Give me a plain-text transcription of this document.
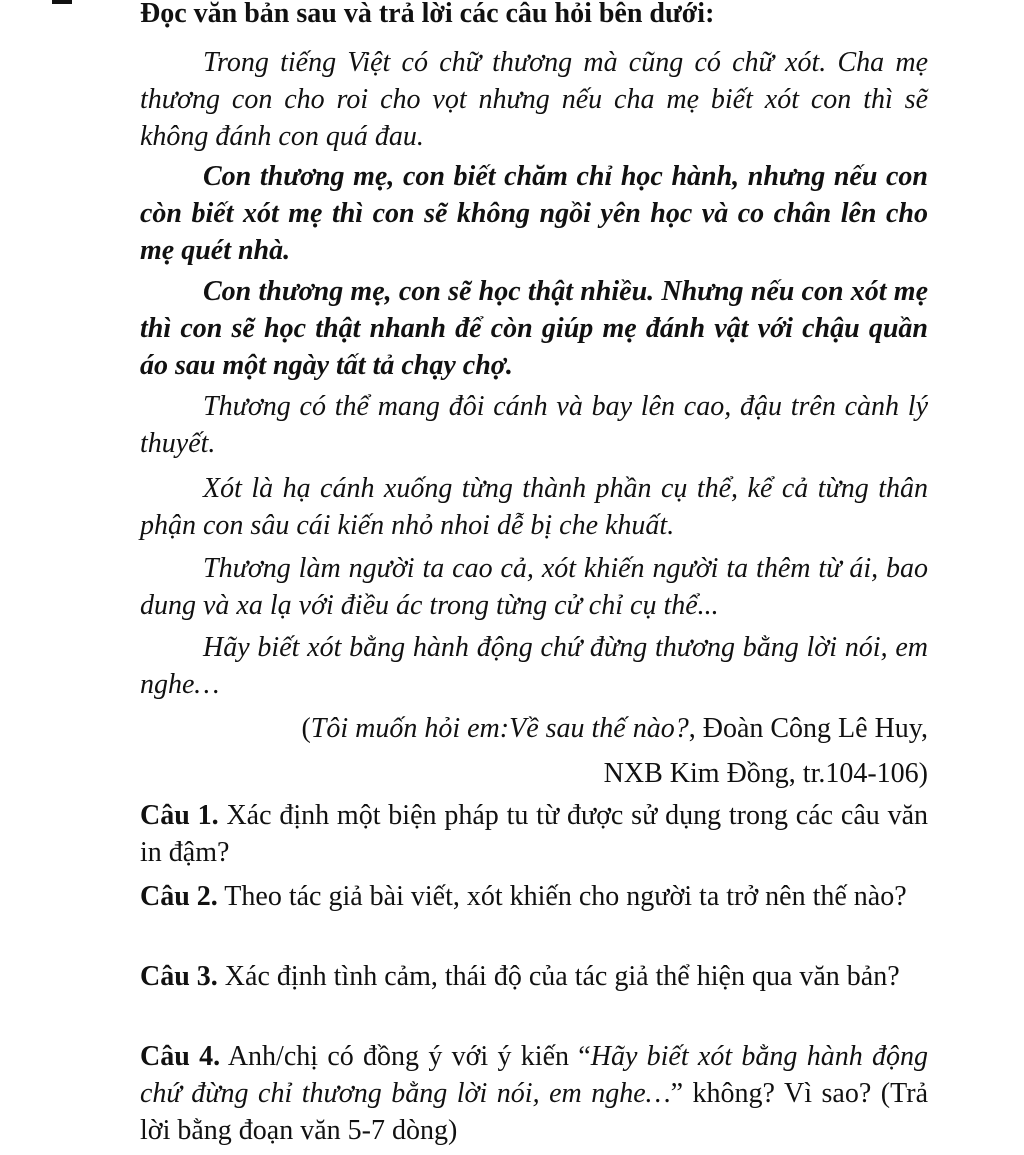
Đọc văn bản sau và trả lời các câu hỏi bên dưới:

Trong tiếng Việt có chữ thương mà cũng có chữ xót. Cha mẹ thương con cho roi cho vọt nhưng nếu cha mẹ biết xót con thì sẽ không đánh con quá đau.

Con thương mẹ, con biết chăm chỉ học hành, nhưng nếu con còn biết xót mẹ thì con sẽ không ngồi yên học và co chân lên cho mẹ quét nhà.

Con thương mẹ, con sẽ học thật nhiều. Nhưng nếu con xót mẹ thì con sẽ học thật nhanh để còn giúp mẹ đánh vật với chậu quần áo sau một ngày tất tả chạy chợ.

Thương có thể mang đôi cánh và bay lên cao, đậu trên cành lý thuyết.

Xót là hạ cánh xuống từng thành phần cụ thể, kể cả từng thân phận con sâu cái kiến nhỏ nhoi dễ bị che khuất.

Thương làm người ta cao cả, xót khiến người ta thêm từ ái, bao dung và xa lạ với điều ác trong từng cử chỉ cụ thể...

Hãy biết xót bằng hành động chứ đừng thương bằng lời nói, em nghe…

(Tôi muốn hỏi em:Về sau thế nào?, Đoàn Công Lê Huy,
NXB Kim Đồng, tr.104-106)

Câu 1. Xác định một biện pháp tu từ được sử dụng trong các câu văn in đậm?

Câu 2. Theo tác giả bài viết, xót khiến cho người ta trở nên thế nào?

Câu 3. Xác định tình cảm, thái độ của tác giả thể hiện qua văn bản?

Câu 4. Anh/chị có đồng ý với ý kiến “Hãy biết xót bằng hành động chứ đừng chỉ thương bằng lời nói, em nghe…” không? Vì sao? (Trả lời bằng đoạn văn 5-7 dòng)
